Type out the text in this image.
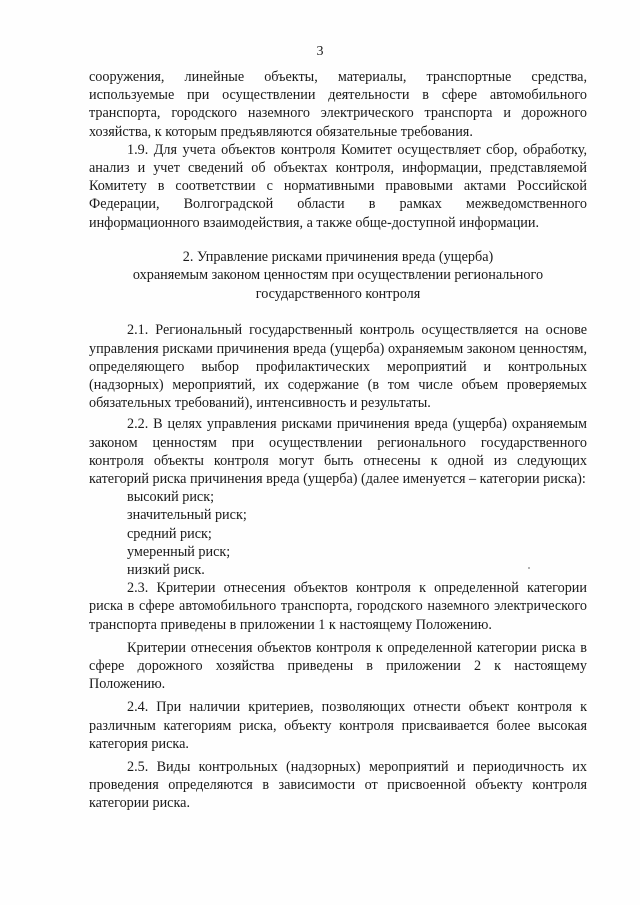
3

сооружения, линейные объекты, материалы, транспортные средства, используемые при осуществлении деятельности в сфере автомобильного транспорта, городского наземного электрического транспорта и дорожного хозяйства, к которым предъявляются обязательные требования.

1.9. Для учета объектов контроля Комитет осуществляет сбор, обработку, анализ и учет сведений об объектах контроля, информации, представляемой Комитету в соответствии с нормативными правовыми актами Российской Федерации, Волгоградской области в рамках межведомственного информационного взаимодействия, а также обще-доступной информации.

2. Управление рисками причинения вреда (ущерба)
охраняемым законом ценностям при осуществлении регионального
государственного контроля

2.1. Региональный государственный контроль осуществляется на основе управления рисками причинения вреда (ущерба) охраняемым законом ценностям, определяющего выбор профилактических мероприятий и контрольных (надзорных) мероприятий, их содержание (в том числе объем проверяемых обязательных требований), интенсивность и результаты.

2.2. В целях управления рисками причинения вреда (ущерба) охраняемым законом ценностям при осуществлении регионального государственного контроля объекты контроля могут быть отнесены к одной из следующих категорий риска причинения вреда (ущерба) (далее именуется – категории риска):

высокий риск;

значительный риск;

средний риск;

умеренный риск;

низкий риск.

2.3. Критерии отнесения объектов контроля к определенной категории риска в сфере автомобильного транспорта, городского наземного электрического транспорта приведены в приложении 1 к настоящему Положению.

Критерии отнесения объектов контроля к определенной категории риска в сфере дорожного хозяйства приведены в приложении 2 к настоящему Положению.

2.4. При наличии критериев, позволяющих отнести объект контроля к различным категориям риска, объекту контроля присваивается более высокая категория риска.

2.5. Виды контрольных (надзорных) мероприятий и периодичность их проведения определяются в зависимости от присвоенной объекту контроля категории риска.
